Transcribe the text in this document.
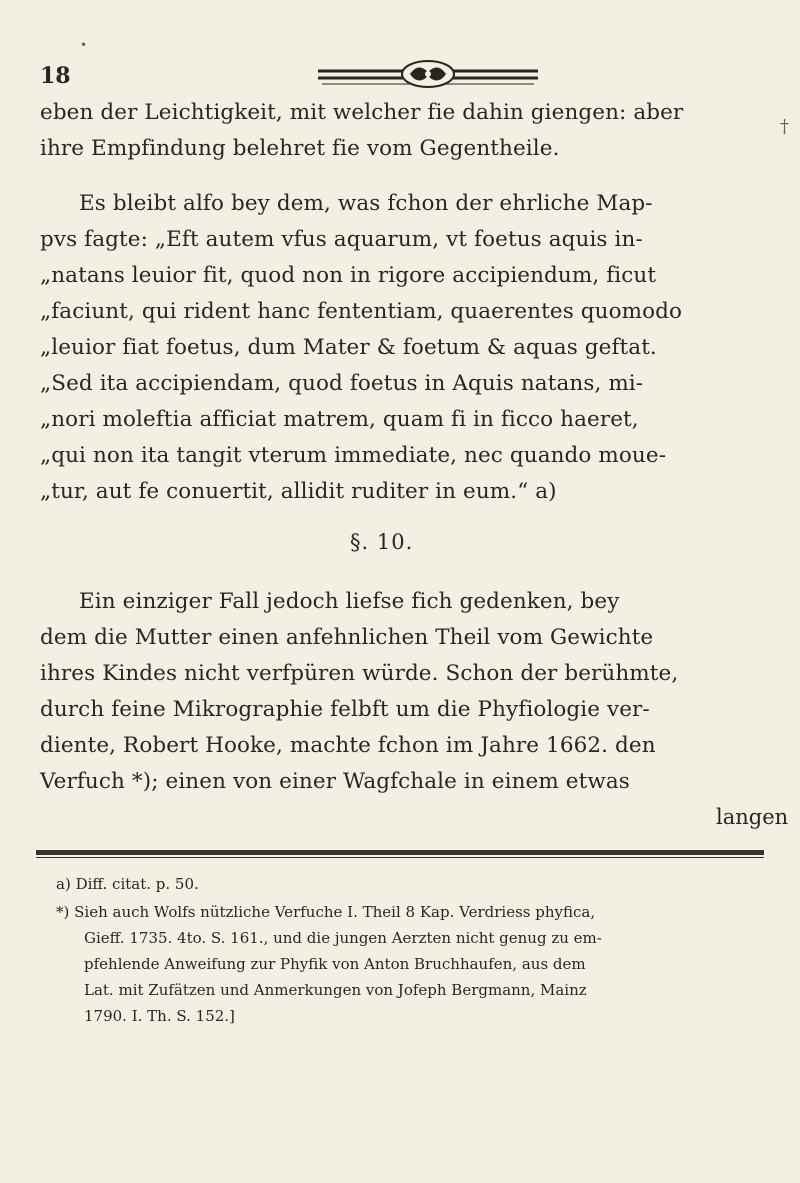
•
18
†
eben der Leichtigkeit, mit welcher fie dahin giengen: aber
ihre Empfindung belehret fie vom Gegentheile.
Es bleibt alfo bey dem, was fchon der ehrliche Map-
pvs fagte: „Eft autem vfus aquarum, vt foetus aquis in-
„natans leuior fit, quod non in rigore accipiendum, ficut
„faciunt, qui rident hanc fententiam, quaerentes quomodo
„leuior fiat foetus, dum Mater & foetum & aquas geftat.
„Sed ita accipiendam, quod foetus in Aquis natans, mi-
„nori moleftia afficiat matrem, quam fi in ficco haeret,
„qui non ita tangit vterum immediate, nec quando moue-
„tur, aut fe conuertit, allidit ruditer in eum.“ a)
§. 10.
Ein einziger Fall jedoch liefse fich gedenken, bey
dem die Mutter einen anfehnlichen Theil vom Gewichte
ihres Kindes nicht verfpüren würde. Schon der berühmte,
durch feine Mikrographie felbft um die Phyfiologie ver-
diente, Robert Hooke, machte fchon im Jahre 1662. den
Verfuch *); einen von einer Wagfchale in einem etwas
langen
a) Diff. citat. p. 50.
*) Sieh auch Wolfs nützliche Verfuche I. Theil 8 Kap. Verdriess phyfica,
Gieff. 1735. 4to. S. 161., und die jungen Aerzten nicht genug zu em-
pfehlende Anweifung zur Phyfik von Anton Bruchhaufen, aus dem
Lat. mit Zufätzen und Anmerkungen von Jofeph Bergmann, Mainz
1790. I. Th. S. 152.]
